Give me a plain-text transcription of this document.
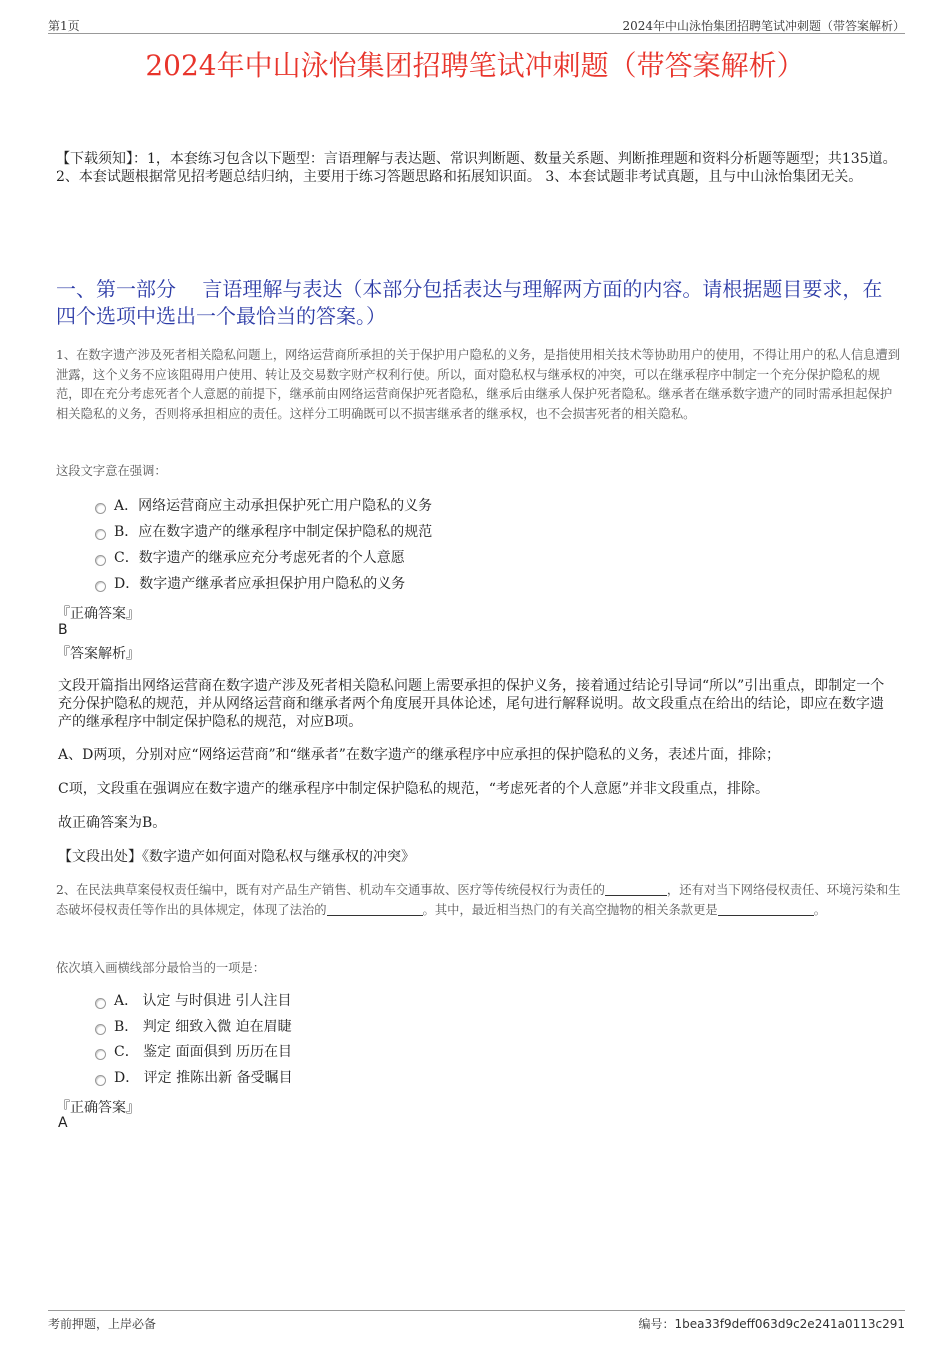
第1页	2024年中山泳怡集团招聘笔试冲刺题（带答案解析）
2024年中山泳怡集团招聘笔试冲刺题（带答案解析）
【下载须知】：1，本套练习包含以下题型：言语理解与表达题、常识判断题、数量关系题、判断推理题和资料分析题等题型；共135道。 2、本套试题根据常见招考题总结归纳，主要用于练习答题思路和拓展知识面。 3、本套试题非考试真题，且与中山泳怡集团无关。
一、第一部分　 言语理解与表达（本部分包括表达与理解两方面的内容。请根据题目要求，在四个选项中选出一个最恰当的答案。）
1、在数字遗产涉及死者相关隐私问题上，网络运营商所承担的关于保护用户隐私的义务，是指使用相关技术等协助用户的使用，不得让用户的私人信息遭到泄露，这个义务不应该阻碍用户使用、转让及交易数字财产权利行使。所以，面对隐私权与继承权的冲突，可以在继承程序中制定一个充分保护隐私的规范，即在充分考虑死者个人意愿的前提下，继承前由网络运营商保护死者隐私，继承后由继承人保护死者隐私。继承者在继承数字遗产的同时需承担起保护相关隐私的义务，否则将承担相应的责任。这样分工明确既可以不损害继承者的继承权，也不会损害死者的相关隐私。
这段文字意在强调：
A．网络运营商应主动承担保护死亡用户隐私的义务
B．应在数字遗产的继承程序中制定保护隐私的规范
C．数字遗产的继承应充分考虑死者的个人意愿
D．数字遗产继承者应承担保护用户隐私的义务
『正确答案』
B
『答案解析』
文段开篇指出网络运营商在数字遗产涉及死者相关隐私问题上需要承担的保护义务，接着通过结论引导词“所以”引出重点，即制定一个充分保护隐私的规范，并从网络运营商和继承者两个角度展开具体论述，尾句进行解释说明。故文段重点在给出的结论，即应在数字遗产的继承程序中制定保护隐私的规范，对应B项。
A、D两项，分别对应“网络运营商”和“继承者”在数字遗产的继承程序中应承担的保护隐私的义务，表述片面，排除；
C项，文段重在强调应在数字遗产的继承程序中制定保护隐私的规范，“考虑死者的个人意愿”并非文段重点，排除。
故正确答案为B。
【文段出处】《数字遗产如何面对隐私权与继承权的冲突》
2、在民法典草案侵权责任编中，既有对产品生产销售、机动车交通事故、医疗等传统侵权行为责任的	，还有对当下网络侵权责任、环境污染和生态破坏侵权责任等作出的具体规定，体现了法治的	。其中，最近相当热门的有关高空抛物的相关条款更是	。
依次填入画横线部分最恰当的一项是：
A． 认定 与时俱进 引人注目
B． 判定 细致入微 迫在眉睫
C． 鉴定 面面俱到 历历在目
D． 评定 推陈出新 备受瞩目
『正确答案』
A
考前押题，上岸必备	编号：1bea33f9deff063d9c2e241a0113c291
